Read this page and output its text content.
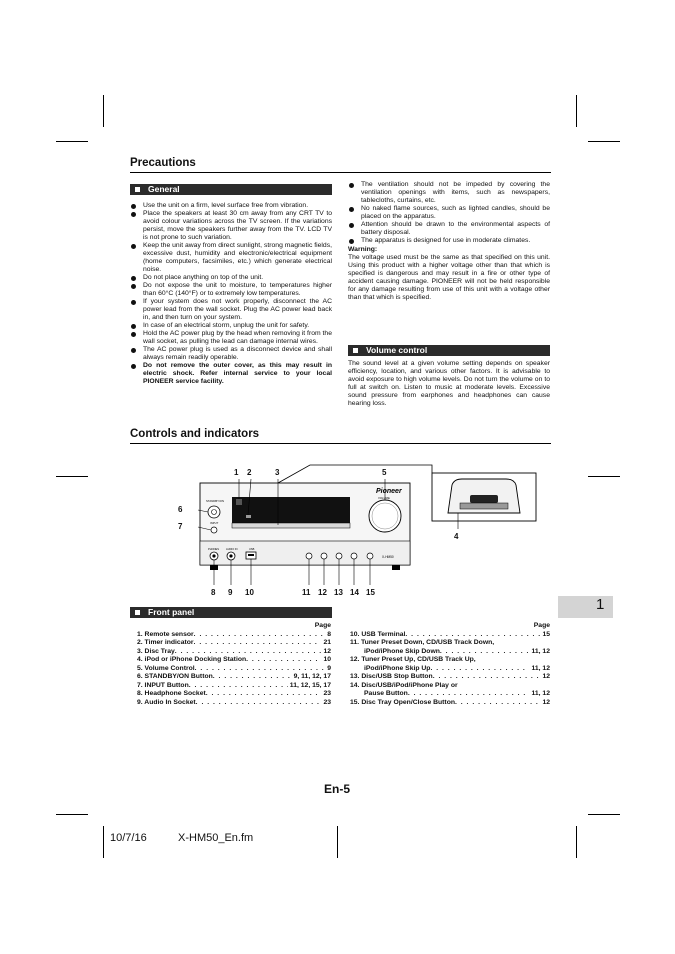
Precautions
General
Use the unit on a firm, level surface free from vibration.
Place the speakers at least 30 cm away from any CRT TV to avoid colour variations across the TV screen. If the variations persist, move the speakers further away from the TV. LCD TV is not prone to such variation.
Keep the unit away from direct sunlight, strong magnetic fields, excessive dust, humidity and electronic/electrical equipment (home computers, facsimiles, etc.) which generate electrical noise.
Do not place anything on top of the unit.
Do not expose the unit to moisture, to temperatures higher than 60°C (140°F) or to extremely low temperatures.
If your system does not work properly, disconnect the AC power lead from the wall socket. Plug the AC power lead back in, and then turn on your system.
In case of an electrical storm, unplug the unit for safety.
Hold the AC power plug by the head when removing it from the wall socket, as pulling the lead can damage internal wires.
The AC power plug is used as a disconnect device and shall always remain readily operable.
Do not remove the outer cover, as this may result in electric shock. Refer internal service to your local PIONEER service facility.
The ventilation should not be impeded by covering the ventilation openings with items, such as newspapers, tablecloths, curtains, etc.
No naked flame sources, such as lighted candles, should be placed on the apparatus.
Attention should be drawn to the environmental aspects of battery disposal.
The apparatus is designed for use in moderate climates.

Warning:

The voltage used must be the same as that specified on this unit. Using this product with a higher voltage other than that which is specified is dangerous and may result in a fire or other type of accident causing damage. PIONEER will not be held responsible for any damage resulting from use of this unit with a voltage other than that which is specified.

Volume control

The sound level at a given volume setting depends on speaker efficiency, location, and various other factors. It is advisable to avoid exposure to high volume levels. Do not turn the volume on to full at switch on. Listen to music at moderate levels. Excessive sound pressure from earphones and headphones can cause hearing loss.

Controls and indicators
Pioneer
STANDBY/ON
INPUT
VOLUME
PHONES	AUDIO IN	USB
X-HM50
1 2	3	5
6
7
4
8 9 10	11 12 13 14 15
1
Front panel
Page
1. Remote sensor . . .	8
2. Timer indicator . . .	21
3. Disc Tray . . .	12
4. iPod or iPhone Docking Station . . .	10
5. Volume Control . . .	9
6. STANDBY/ON Button . . .	9, 11, 12, 17
7. INPUT Button . . .	11, 12, 15, 17
8. Headphone Socket . . .	23
9. Audio In Socket . . .	23
Page
10. USB Terminal . . .	15
11. Tuner Preset Down, CD/USB Track Down,
iPod/iPhone Skip Down . . .	11, 12
12. Tuner Preset Up, CD/USB Track Up,
iPod/iPhone Skip Up . . .	11, 12
13. Disc/USB Stop Button . . .	12
14. Disc/USB/iPod/iPhone Play or
Pause Button . . .	11, 12
15. Disc Tray Open/Close Button . . .	12
En-5
10/7/16	X-HM50_En.fm
